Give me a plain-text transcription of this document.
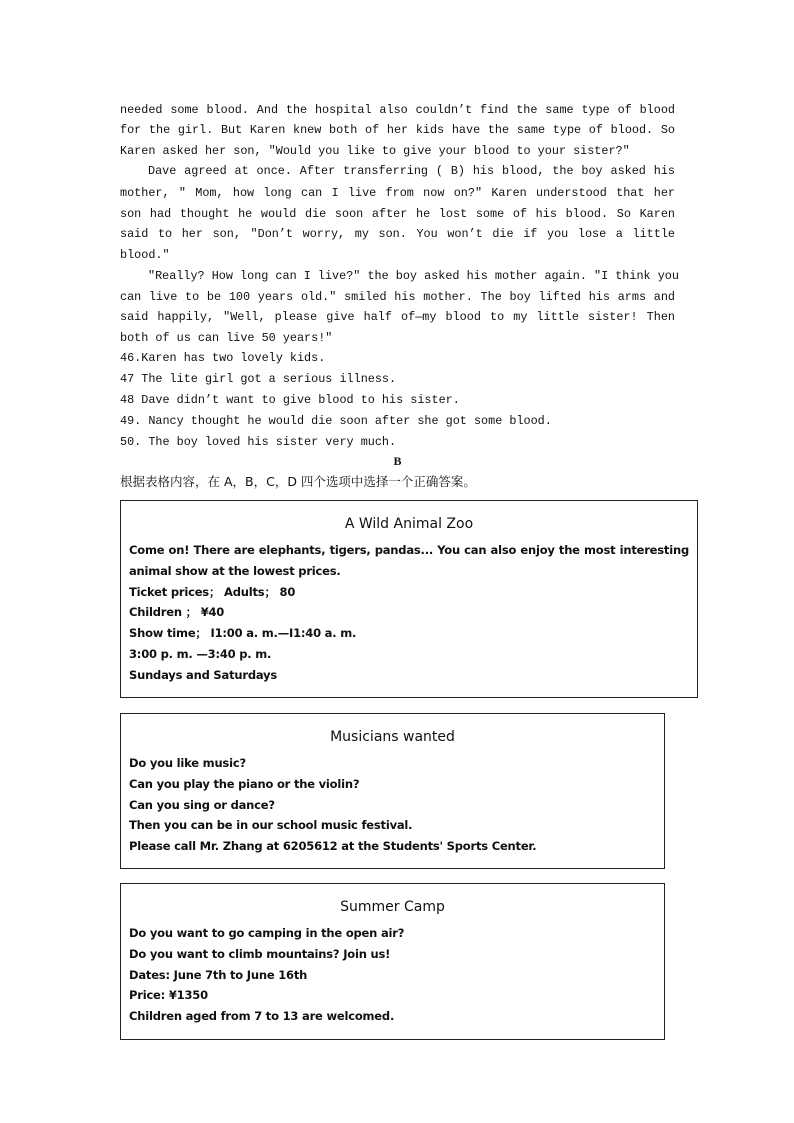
needed some blood. And the hospital also couldn’t find the same type of blood
for the girl. But Karen knew both of her kids have the same type of blood. So
Karen asked her son, ″Would you like to give your blood to your sister?″
Dave agreed at once. After transferring ( B) his blood, the boy asked his
mother, ″ Mom, how long can I live from now on?″ Karen understood that her
son had thought he would die soon after he lost some of his blood. So Karen
said to her son, ″Don’t worry, my son. You won’t die if you lose a little
blood.″
″Really? How long can I live?″ the boy asked his mother again. ″I think you
can live to be 100 years old.″ smiled his mother. The boy lifted his arms and
said happily, ″Well, please give half of—my blood to my little sister! Then
both of us can live 50 years!″
46.Karen has two lovely kids.
47 The lite girl got a serious illness.
48 Dave didn’t want to give blood to his sister.
49. Nancy thought he would die soon after she got some blood.
50. The boy loved his sister very much.
B
根据表格内容，在 A，B，C，D 四个选项中选择一个正确答案。
A Wild Animal Zoo
Come on! There are elephants, tigers, pandas... You can also enjoy the most interesting
animal show at the lowest prices.
Ticket prices； Adults； 80
Children ； ¥40
Show time； I1:00 a. m.—I1:40 a. m.
3:00 p. m. —3:40 p. m.
Sundays and Saturdays
Musicians wanted
Do you like music?
Can you play the piano or the violin?
Can you sing or dance?
Then you can be in our school music festival.
Please call Mr. Zhang at 6205612 at the Students' Sports Center.
Summer Camp
Do you want to go camping in the open air?
Do you want to climb mountains? Join us!
Dates: June 7th to June 16th
Price: ¥1350
Children aged from 7 to 13 are welcomed.
